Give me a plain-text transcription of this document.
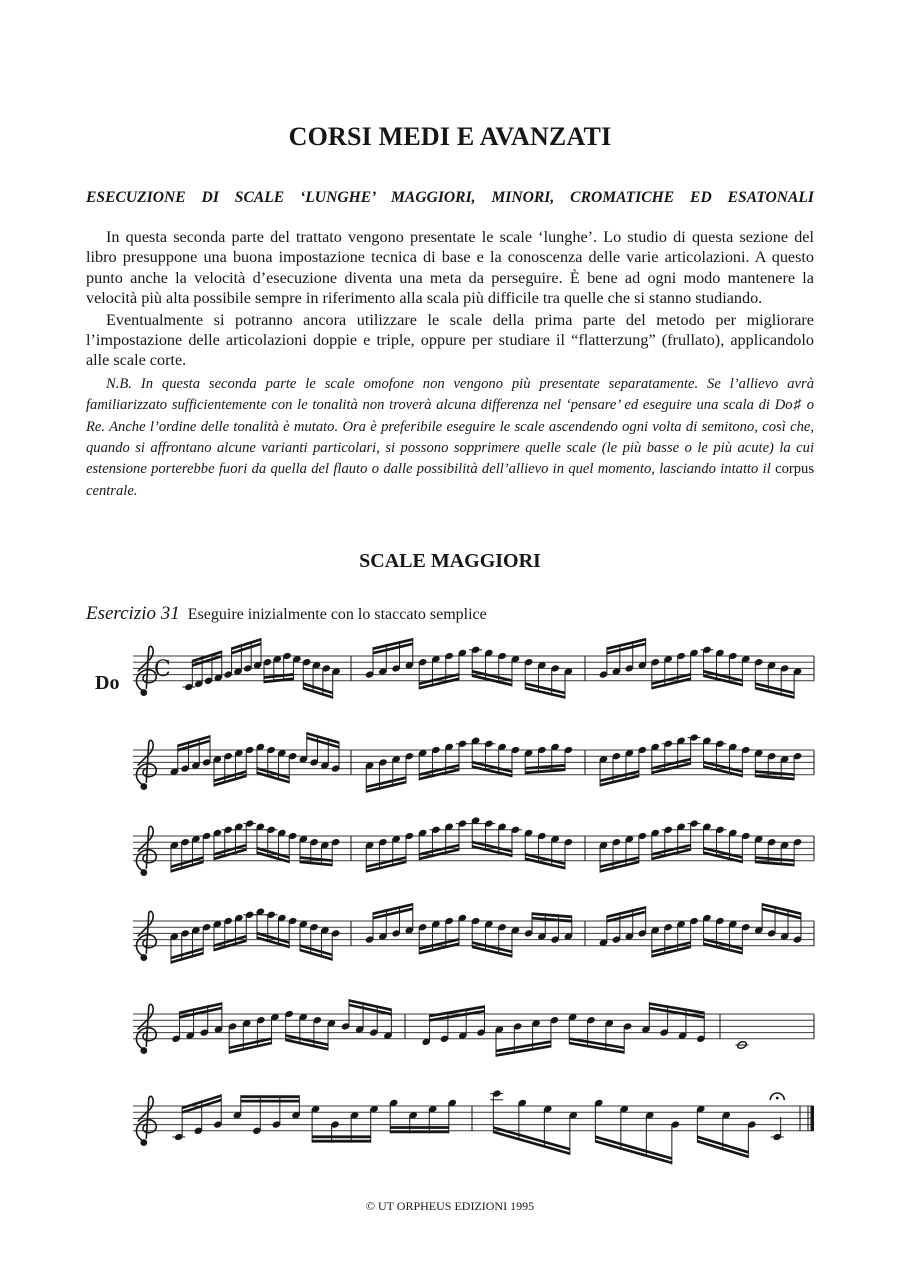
CORSI MEDI E AVANZATI
ESECUZIONE DI SCALE ‘LUNGHE’ MAGGIORI, MINORI, CROMATICHE ED ESATONALI

In questa seconda parte del trattato vengono presentate le scale ‘lunghe’. Lo studio di questa sezione del libro presuppone una buona impostazione tecnica di base e la conoscenza delle varie articolazioni. A questo punto anche la velocità d’esecuzione diventa una meta da perseguire. È bene ad ogni modo mantenere la velocità più alta possibile sempre in riferimento alla scala più difficile tra quelle che si stanno studiando.

Eventualmente si potranno ancora utilizzare le scale della prima parte del metodo per migliorare l’impostazione delle articolazioni doppie e triple, oppure per studiare il “flatterzung” (frullato), applicandolo alle scale corte.

N.B. In questa seconda parte le scale omofone non vengono più presentate separatamente. Se l’allievo avrà familiarizzato sufficientemente con le tonalità non troverà alcuna differenza nel ‘pensare’ ed eseguire una scala di Do♯ o Re. Anche l’ordine delle tonalità è mutato. Ora è preferibile eseguire le scale ascendendo ogni volta di semitono, così che, quando si affrontano alcune varianti particolari, si possono sopprimere quelle scale (le più basse o le più acute) la cui estensione porterebbe fuori da quella del flauto o dalle possibilità dell’allievo in quel momento, lasciando intatto il corpus centrale.

SCALE MAGGIORI
Esercizio 31 Eseguire inizialmente con lo staccato semplice
Do
C
© UT ORPHEUS EDIZIONI 1995
